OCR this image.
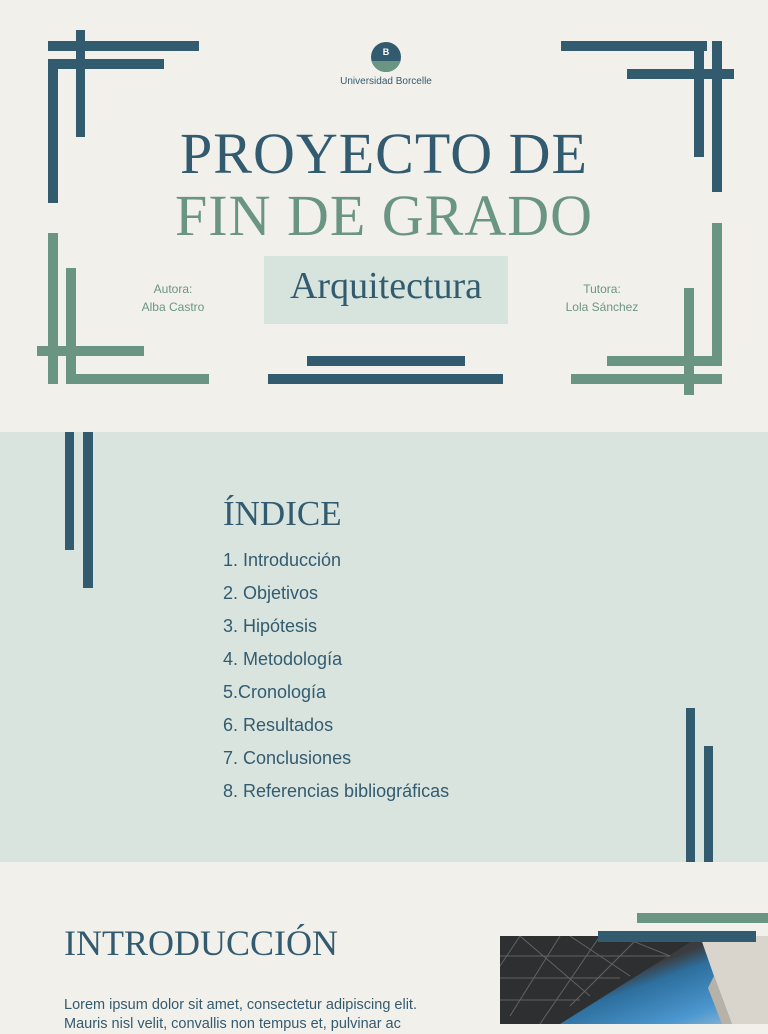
B
Universidad Borcelle
PROYECTO DE
FIN DE GRADO
Arquitectura
Autora:
Alba Castro
Tutora:
Lola Sánchez
ÍNDICE
1. Introducción
2. Objetivos
3. Hipótesis
4. Metodología
5.Cronología
6. Resultados
7. Conclusiones
8. Referencias bibliográficas
INTRODUCCIÓN
Lorem ipsum dolor sit amet, consectetur adipiscing elit. Mauris nisl velit, convallis non tempus et, pulvinar ac
